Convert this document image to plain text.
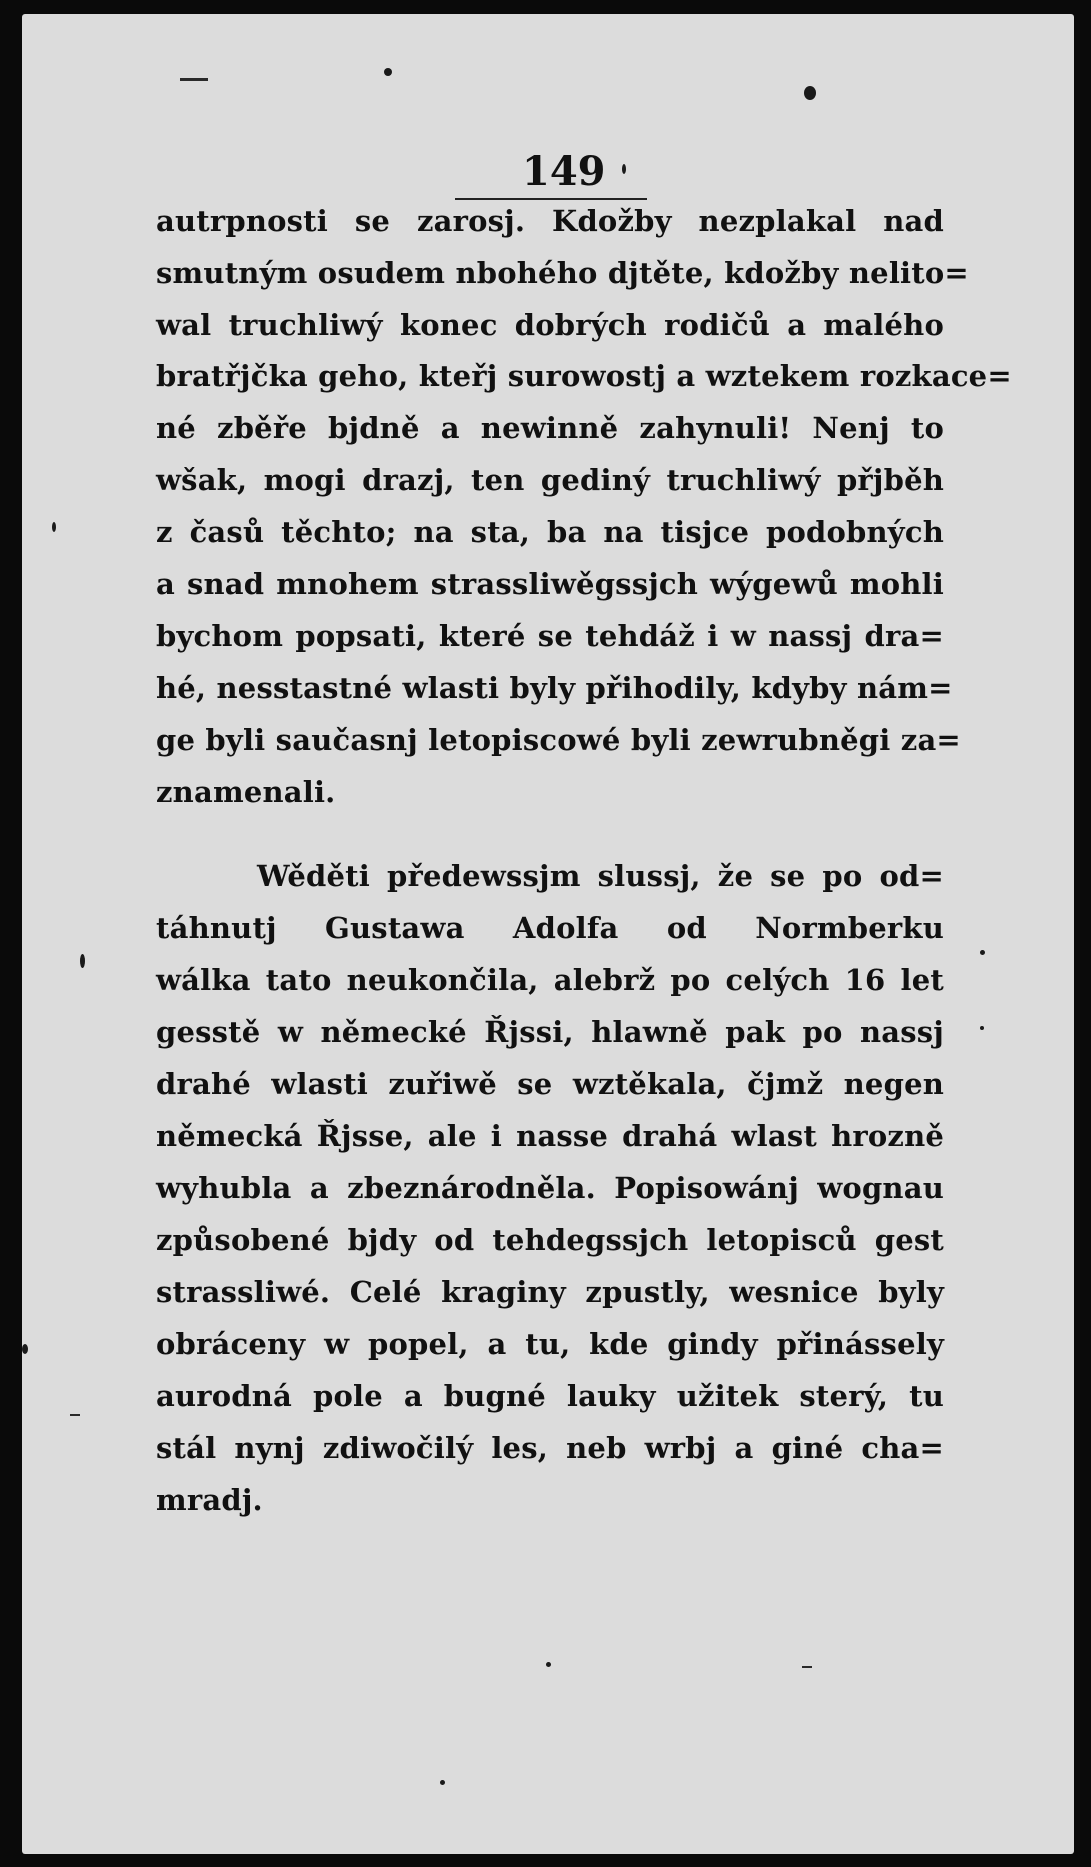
149
autrpnosti se zarosj. Kdožby nezplakal nad
smutným osudem nbohého djtěte, kdožby nelito=
wal truchliwý konec dobrých rodičů a malého
bratřjčka geho, kteřj surowostj a wztekem rozkace=
né zběře bjdně a newinně zahynuli! Nenj to
wšak, mogi drazj, ten gediný truchliwý přjběh
z časů těchto; na sta, ba na tisjce podobných
a snad mnohem strassliwěgssjch wýgewů mohli
bychom popsati, které se tehdáž i w nassj dra=
hé, nesstastné wlasti byly přihodily, kdyby nám=
ge byli saučasnj letopiscowé byli zewrubněgi za=
znamenali.
Wěděti předewssjm slussj, že se po od=
táhnutj Gustawa Adolfa od Normberku
wálka tato neukončila, alebrž po celých 16 let
gesstě w německé Řjssi, hlawně pak po nassj
drahé wlasti zuřiwě se wztěkala, čjmž negen
německá Řjsse, ale i nasse drahá wlast hrozně
wyhubla a zbeznárodněla. Popisowánj wognau
způsobené bjdy od tehdegssjch letopisců gest
strassliwé. Celé kraginy zpustly, wesnice byly
obráceny w popel, a tu, kde gindy přinássely
aurodná pole a bugné lauky užitek sterý, tu
stál nynj zdiwočilý les, neb wrbj a giné cha=
mradj.
